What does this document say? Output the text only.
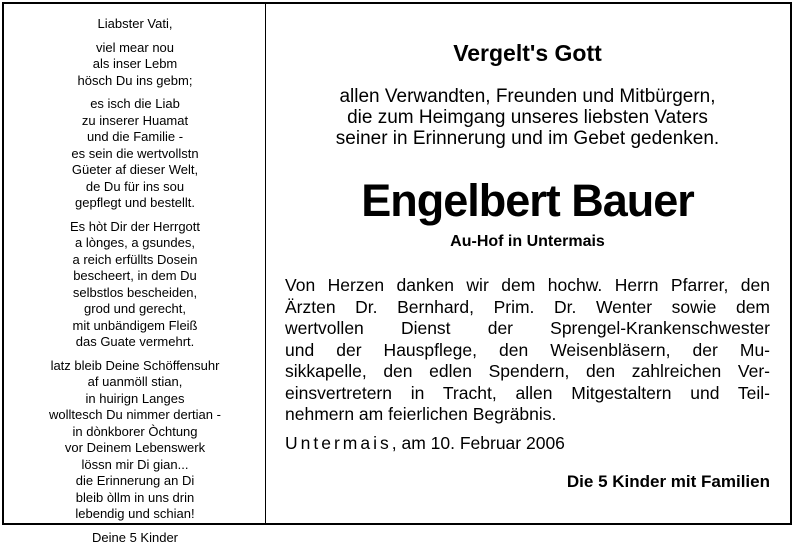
Liabster Vati,
viel mear nou
als inser Lebm
hösch Du ins gebm;
es isch die Liab
zu inserer Huamat
und die Familie -
es sein die wertvollstn
Güeter af dieser Welt,
de Du für ins sou
gepflegt und bestellt.
Es hòt Dir der Herrgott
a lònges, a gsundes,
a reich erfüllts Dosein
bescheert, in dem Du
selbstlos bescheiden,
grod und gerecht,
mit unbändigem Fleiß
das Guate vermehrt.
latz bleib Deine Schöffensuhr
af uanmöll stian,
in huirign Langes
wolltesch Du nimmer dertian -
in dònkborer Òchtung
vor Deinem Lebenswerk
lössn mir Di gian...
die Erinnerung an Di
bleib òllm in uns drin
lebendig und schian!
Deine 5 Kinder
Vergelt's Gott
allen Verwandten, Freunden und Mitbürgern,
die zum Heimgang unseres liebsten Vaters
seiner in Erinnerung und im Gebet gedenken.
Engelbert Bauer
Au-Hof in Untermais
Von Herzen danken wir dem hochw. Herrn Pfarrer, den
Ärzten Dr. Bernhard, Prim. Dr. Wenter sowie dem
wertvollen Dienst der Sprengel-Krankenschwester
und der Hauspflege, den Weisenbläsern, der Mu-
sikkapelle, den edlen Spendern, den zahlreichen Ver-
einsvertretern in Tracht, allen Mitgestaltern und Teil-
nehmern am feierlichen Begräbnis.
Untermais, am 10. Februar 2006
Die 5 Kinder mit Familien
